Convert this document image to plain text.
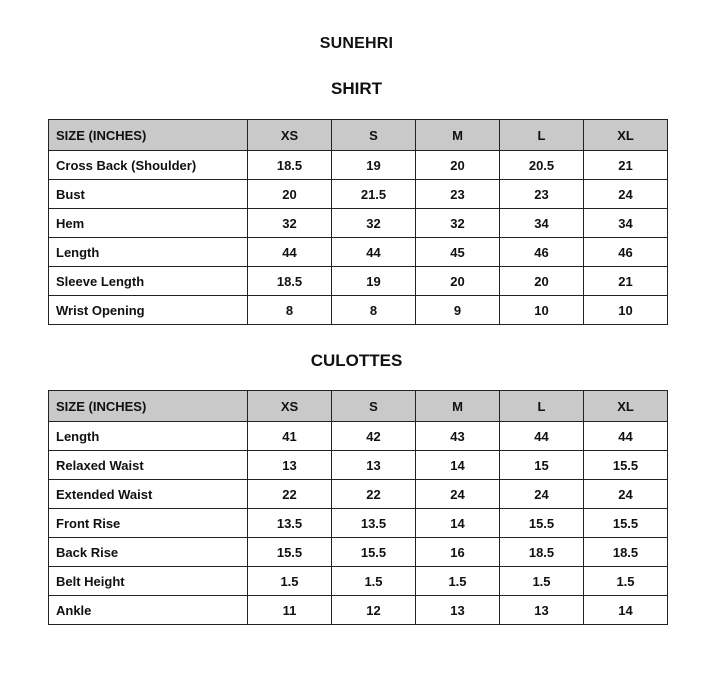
SUNEHRI
SHIRT
SIZE (INCHES)	XS	S	M	L	XL
Cross Back (Shoulder)	18.5	19	20	20.5	21
Bust	20	21.5	23	23	24
Hem	32	32	32	34	34
Length	44	44	45	46	46
Sleeve Length	18.5	19	20	20	21
Wrist Opening	8	8	9	10	10
CULOTTES
SIZE (INCHES)	XS	S	M	L	XL
Length	41	42	43	44	44
Relaxed Waist	13	13	14	15	15.5
Extended Waist	22	22	24	24	24
Front Rise	13.5	13.5	14	15.5	15.5
Back Rise	15.5	15.5	16	18.5	18.5
Belt Height	1.5	1.5	1.5	1.5	1.5
Ankle	11	12	13	13	14
